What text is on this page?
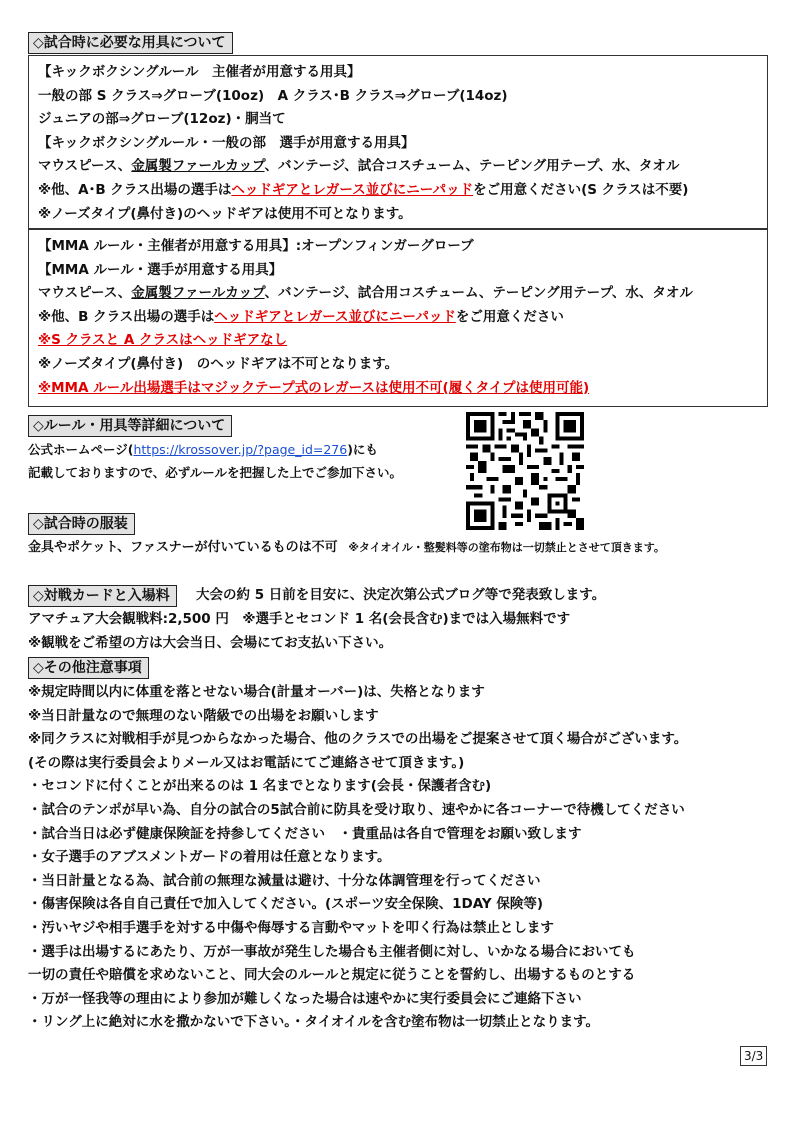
◇試合時に必要な用具について
【キックボクシングルール　主催者が用意する用具】
一般の部 S クラス⇒グローブ(10oz)　A クラス･B クラス⇒グローブ(14oz)
ジュニアの部⇒グローブ(12oz)・胴当て
【キックボクシングルール・一般の部　選手が用意する用具】
マウスピース、金属製ファールカップ、バンテージ、試合コスチューム、テーピング用テープ、水、タオル
※他、A･B クラス出場の選手はヘッドギアとレガース並びにニーパッドをご用意ください(S クラスは不要)
※ノーズタイプ(鼻付き)のヘッドギアは使用不可となります。
【MMA ルール・主催者が用意する用具】:オープンフィンガーグローブ
【MMA ルール・選手が用意する用具】
マウスピース、金属製ファールカップ、バンテージ、試合用コスチューム、テーピング用テープ、水、タオル
※他、B クラス出場の選手はヘッドギアとレガース並びにニーパッドをご用意ください
※S クラスと A クラスはヘッドギアなし
※ノーズタイプ(鼻付き)　のヘッドギアは不可となります。
※MMA ルール出場選手はマジックテープ式のレガースは使用不可(履くタイプは使用可能)
◇ルール・用具等詳細について
公式ホームページ(https://krossover.jp/?page_id=276)にも
記載しておりますので、必ずルールを把握した上でご参加下さい。
◇試合時の服装
金具やポケット、ファスナーが付いているものは不可 ※タイオイル・整髪料等の塗布物は一切禁止とさせて頂きます。
◇対戦カードと入場料	大会の約 5 日前を目安に、決定次第公式ブログ等で発表致します。
アマチュア大会観戦料:2,500 円　※選手とセコンド 1 名(会長含む)までは入場無料です
※観戦をご希望の方は大会当日、会場にてお支払い下さい。
◇その他注意事項
※規定時間以内に体重を落とせない場合(計量オーバー)は、失格となります
※当日計量なので無理のない階級での出場をお願いします
※同クラスに対戦相手が見つからなかった場合、他のクラスでの出場をご提案させて頂く場合がございます。
(その際は実行委員会よりメール又はお電話にてご連絡させて頂きます。)
・セコンドに付くことが出来るのは 1 名までとなります(会長・保護者含む)
・試合のテンポが早い為、自分の試合の5試合前に防具を受け取り、速やかに各コーナーで待機してください
・試合当日は必ず健康保険証を持参してください　・貴重品は各自で管理をお願い致します
・女子選手のアブスメントガードの着用は任意となります。
・当日計量となる為、試合前の無理な減量は避け、十分な体調管理を行ってください
・傷害保険は各自自己責任で加入してください。(スポーツ安全保険、1DAY 保険等)
・汚いヤジや相手選手を対する中傷や侮辱する言動やマットを叩く行為は禁止とします
・選手は出場するにあたり、万が一事故が発生した場合も主催者側に対し、いかなる場合においても
一切の責任や賠償を求めないこと、同大会のルールと規定に従うことを誓約し、出場するものとする
・万が一怪我等の理由により参加が難しくなった場合は速やかに実行委員会にご連絡下さい
・リング上に絶対に水を撒かないで下さい。・タイオイルを含む塗布物は一切禁止となります。
3/3
